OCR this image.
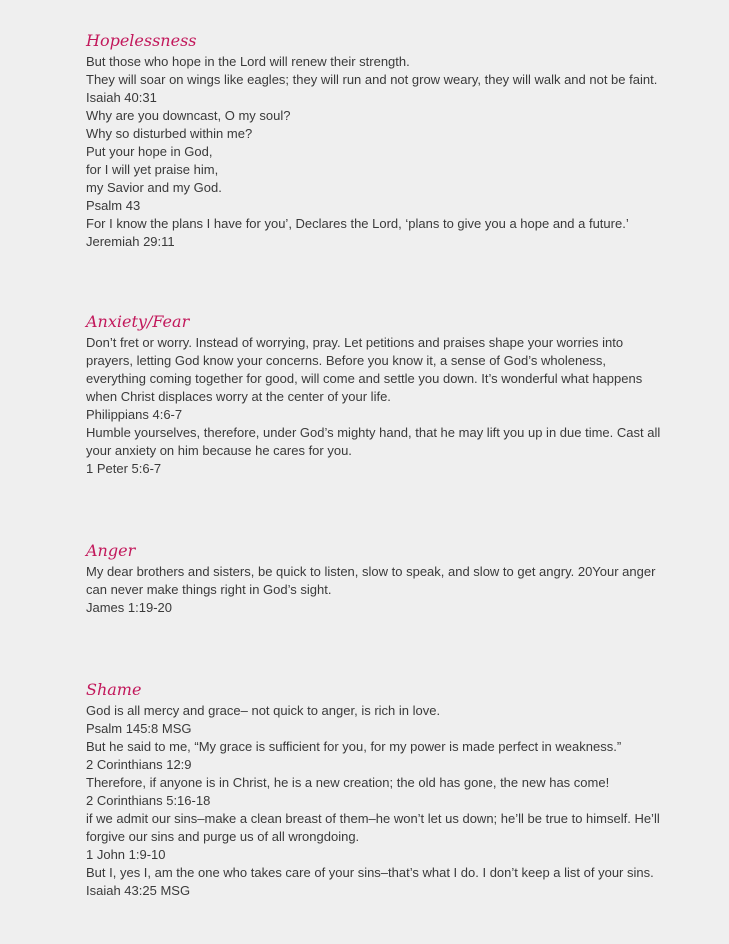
Hopelessness

But those who hope in the Lord will renew their strength.

They will soar on wings like eagles; they will run and not grow weary, they will walk and not be faint.

Isaiah 40:31

Why are you downcast, O my soul?

Why so disturbed within me?

Put your hope in God,

for I will yet praise him,

my Savior and my God.

Psalm 43

For I know the plans I have for you’, Declares the Lord, ‘plans to give you a hope and a future.’

Jeremiah 29:11

Anxiety/Fear

Don’t fret or worry. Instead of worrying, pray. Let petitions and praises shape your worries into

prayers, letting God know your concerns. Before you know it, a sense of God’s wholeness,

everything coming together for good, will come and settle you down. It’s wonderful what happens

when Christ displaces worry at the center of your life.

Philippians 4:6-7

Humble yourselves, therefore, under God’s mighty hand, that he may lift you up in due time. Cast all

your anxiety on him because he cares for you.

1 Peter 5:6-7

Anger

My dear brothers and sisters, be quick to listen, slow to speak, and slow to get angry. 20Your anger

can never make things right in God’s sight.

James 1:19-20

Shame

God is all mercy and grace– not quick to anger, is rich in love.

Psalm 145:8 MSG

But he said to me, “My grace is sufficient for you, for my power is made perfect in weakness.”

2 Corinthians 12:9

Therefore, if anyone is in Christ, he is a new creation; the old has gone, the new has come!

2 Corinthians 5:16-18

if we admit our sins–make a clean breast of them–he won’t let us down; he’ll be true to himself. He’ll

forgive our sins and purge us of all wrongdoing.

1 John 1:9-10

But I, yes I, am the one who takes care of your sins–that’s what I do. I don’t keep a list of your sins.

Isaiah 43:25 MSG
